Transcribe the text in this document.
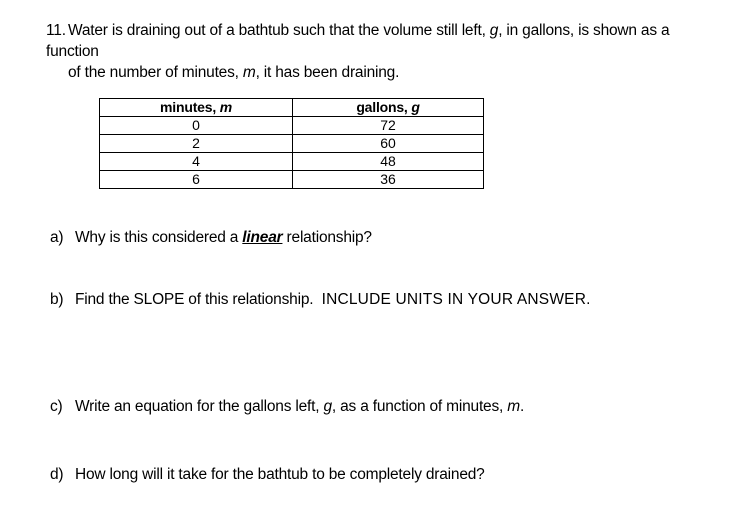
11. Water is draining out of a bathtub such that the volume still left, g, in gallons, is shown as a function
of the number of minutes, m, it has been draining.
minutes, m	gallons, g
0	72
2	60
4	48
6	36
a) Why is this considered a linear relationship?
b) Find the SLOPE of this relationship.  INCLUDE UNITS IN YOUR ANSWER.
c) Write an equation for the gallons left, g, as a function of minutes, m.
d) How long will it take for the bathtub to be completely drained?
